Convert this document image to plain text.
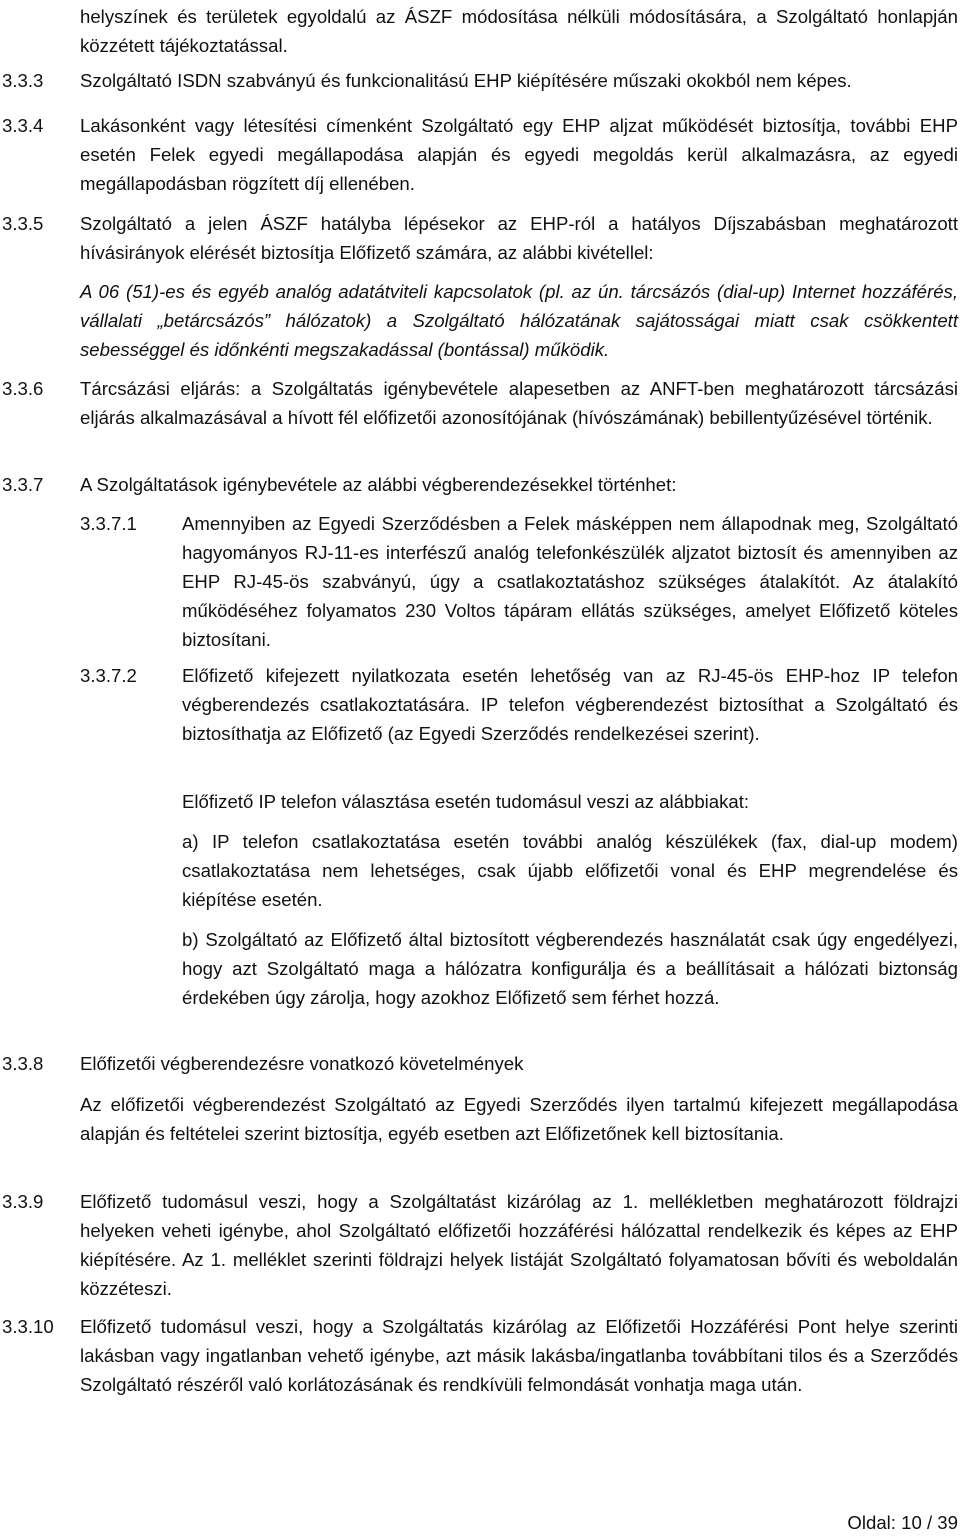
helyszínek és területek egyoldalú az ÁSZF módosítása nélküli módosítására, a Szolgáltató honlapján közzétett tájékoztatással.
3.3.3 Szolgáltató ISDN szabványú és funkcionalitású EHP kiépítésére műszaki okokból nem képes.
3.3.4 Lakásonként vagy létesítési címenként Szolgáltató egy EHP aljzat működését biztosítja, további EHP esetén Felek egyedi megállapodása alapján és egyedi megoldás kerül alkalmazásra, az egyedi megállapodásban rögzített díj ellenében.
3.3.5 Szolgáltató a jelen ÁSZF hatályba lépésekor az EHP-ról a hatályos Díjszabásban meghatározott hívásirányok elérését biztosítja Előfizető számára, az alábbi kivétellel:
A 06 (51)-es és egyéb analóg adatátviteli kapcsolatok (pl. az ún. tárcsázós (dial-up) Internet hozzáférés, vállalati „betárcsázós” hálózatok) a Szolgáltató hálózatának sajátosságai miatt csak csökkentett sebességgel és időnkénti megszakadással (bontással) működik.
3.3.6 Tárcsázási eljárás: a Szolgáltatás igénybevétele alapesetben az ANFT-ben meghatározott tárcsázási eljárás alkalmazásával a hívott fél előfizetői azonosítójának (hívószámának) bebillentyűzésével történik.
3.3.7 A Szolgáltatások igénybevétele az alábbi végberendezésekkel történhet:
3.3.7.1 Amennyiben az Egyedi Szerződésben a Felek másképpen nem állapodnak meg, Szolgáltató hagyományos RJ-11-es interfészű analóg telefonkészülék aljzatot biztosít és amennyiben az EHP RJ-45-ös szabványú, úgy a csatlakoztatáshoz szükséges átalakítót. Az átalakító működéséhez folyamatos 230 Voltos tápáram ellátás szükséges, amelyet Előfizető köteles biztosítani.
3.3.7.2 Előfizető kifejezett nyilatkozata esetén lehetőség van az RJ-45-ös EHP-hoz IP telefon végberendezés csatlakoztatására. IP telefon végberendezést biztosíthat a Szolgáltató és biztosíthatja az Előfizető (az Egyedi Szerződés rendelkezései szerint).
Előfizető IP telefon választása esetén tudomásul veszi az alábbiakat:
a) IP telefon csatlakoztatása esetén további analóg készülékek (fax, dial-up modem) csatlakoztatása nem lehetséges, csak újabb előfizetői vonal és EHP megrendelése és kiépítése esetén.
b) Szolgáltató az Előfizető által biztosított végberendezés használatát csak úgy engedélyezi, hogy azt Szolgáltató maga a hálózatra konfigurálja és a beállításait a hálózati biztonság érdekében úgy zárolja, hogy azokhoz Előfizető sem férhet hozzá.
3.3.8 Előfizetői végberendezésre vonatkozó követelmények
Az előfizetői végberendezést Szolgáltató az Egyedi Szerződés ilyen tartalmú kifejezett megállapodása alapján és feltételei szerint biztosítja, egyéb esetben azt Előfizetőnek kell biztosítania.
3.3.9 Előfizető tudomásul veszi, hogy a Szolgáltatást kizárólag az 1. mellékletben meghatározott földrajzi helyeken veheti igénybe, ahol Szolgáltató előfizetői hozzáférési hálózattal rendelkezik és képes az EHP kiépítésére. Az 1. melléklet szerinti földrajzi helyek listáját Szolgáltató folyamatosan bővíti és weboldalán közzéteszi.
3.3.10 Előfizető tudomásul veszi, hogy a Szolgáltatás kizárólag az Előfizetői Hozzáférési Pont helye szerinti lakásban vagy ingatlanban vehető igénybe, azt másik lakásba/ingatlanba továbbítani tilos és a Szerződés Szolgáltató részéről való korlátozásának és rendkívüli felmondását vonhatja maga után.
Oldal: 10 / 39
